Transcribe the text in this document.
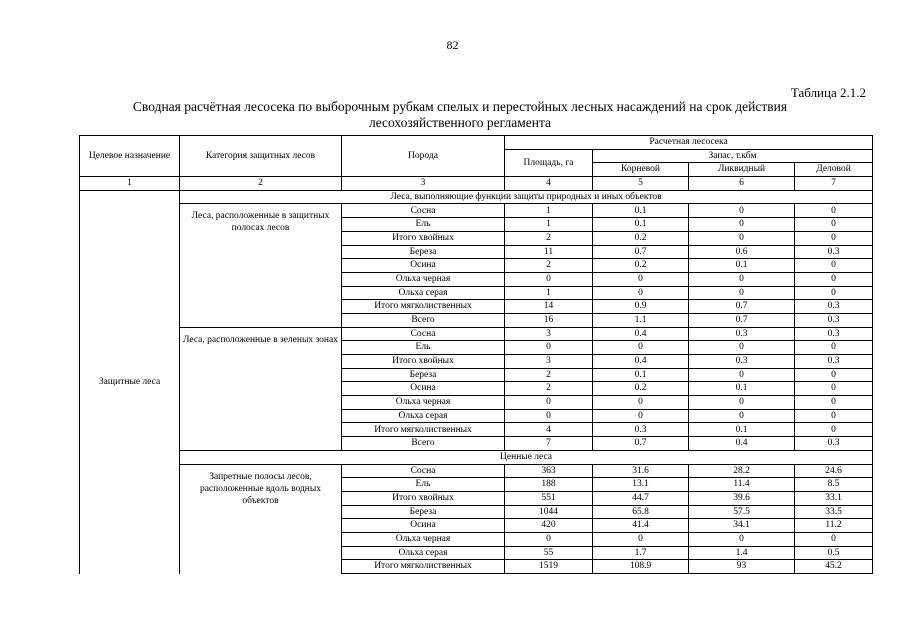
82
Таблица 2.1.2
Сводная расчётная лесосека по выборочным рубкам спелых и перестойных лесных насаждений на срок действия лесохозяйственного регламента
Целевое назначение	Категория защитных лесов	Порода	Расчетная лесосека			
			Площадь, га	Запас, т.кбм		
				Корневой	Ликвидный	Деловой
1	2	3	4	5	6	7
Защитные леса	Леса, выполняющие функции защиты природных и иных объектов					
	Леса, расположенные в защитных полосах лесов	Сосна	1	0.1	0	0
		Ель	1	0.1	0	0
		Итого хвойных	2	0.2	0	0
		Береза	11	0.7	0.6	0.3
		Осина	2	0.2	0.1	0
		Ольха черная	0	0	0	0
		Ольха серая	1	0	0	0
		Итого мягколиственных	14	0.9	0.7	0.3
		Всего	16	1.1	0.7	0.3
	Леса, расположенные в зеленых зонах	Сосна	3	0.4	0.3	0.3
		Ель	0	0	0	0
		Итого хвойных	3	0.4	0.3	0.3
		Береза	2	0.1	0	0
		Осина	2	0.2	0.1	0
		Ольха черная	0	0	0	0
		Ольха серая	0	0	0	0
		Итого мягколиственных	4	0.3	0.1	0
		Всего	7	0.7	0.4	0.3
	Ценные леса					
	Запретные полосы лесов, расположенные вдоль водных объектов	Сосна	363	31.6	28.2	24.6
		Ель	188	13.1	11.4	8.5
		Итого хвойных	551	44.7	39.6	33.1
		Береза	1044	65.8	57.5	33.5
		Осина	420	41.4	34.1	11.2
		Ольха черная	0	0	0	0
		Ольха серая	55	1.7	1.4	0.5
		Итого мягколиственных	1519	108.9	93	45.2
